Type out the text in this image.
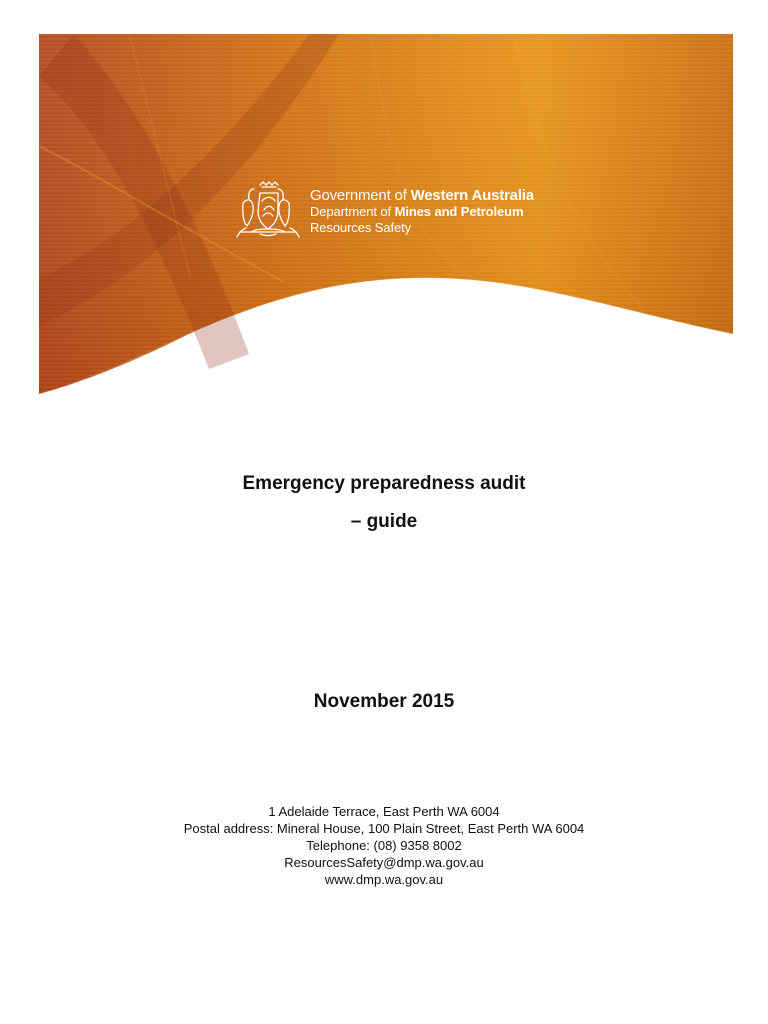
Government of Western Australia
Department of Mines and Petroleum
Resources Safety
Emergency preparedness audit
– guide
November 2015
1 Adelaide Terrace, East Perth WA 6004
Postal address: Mineral House, 100 Plain Street, East Perth WA 6004
Telephone: (08) 9358 8002
ResourcesSafety@dmp.wa.gov.au
www.dmp.wa.gov.au
